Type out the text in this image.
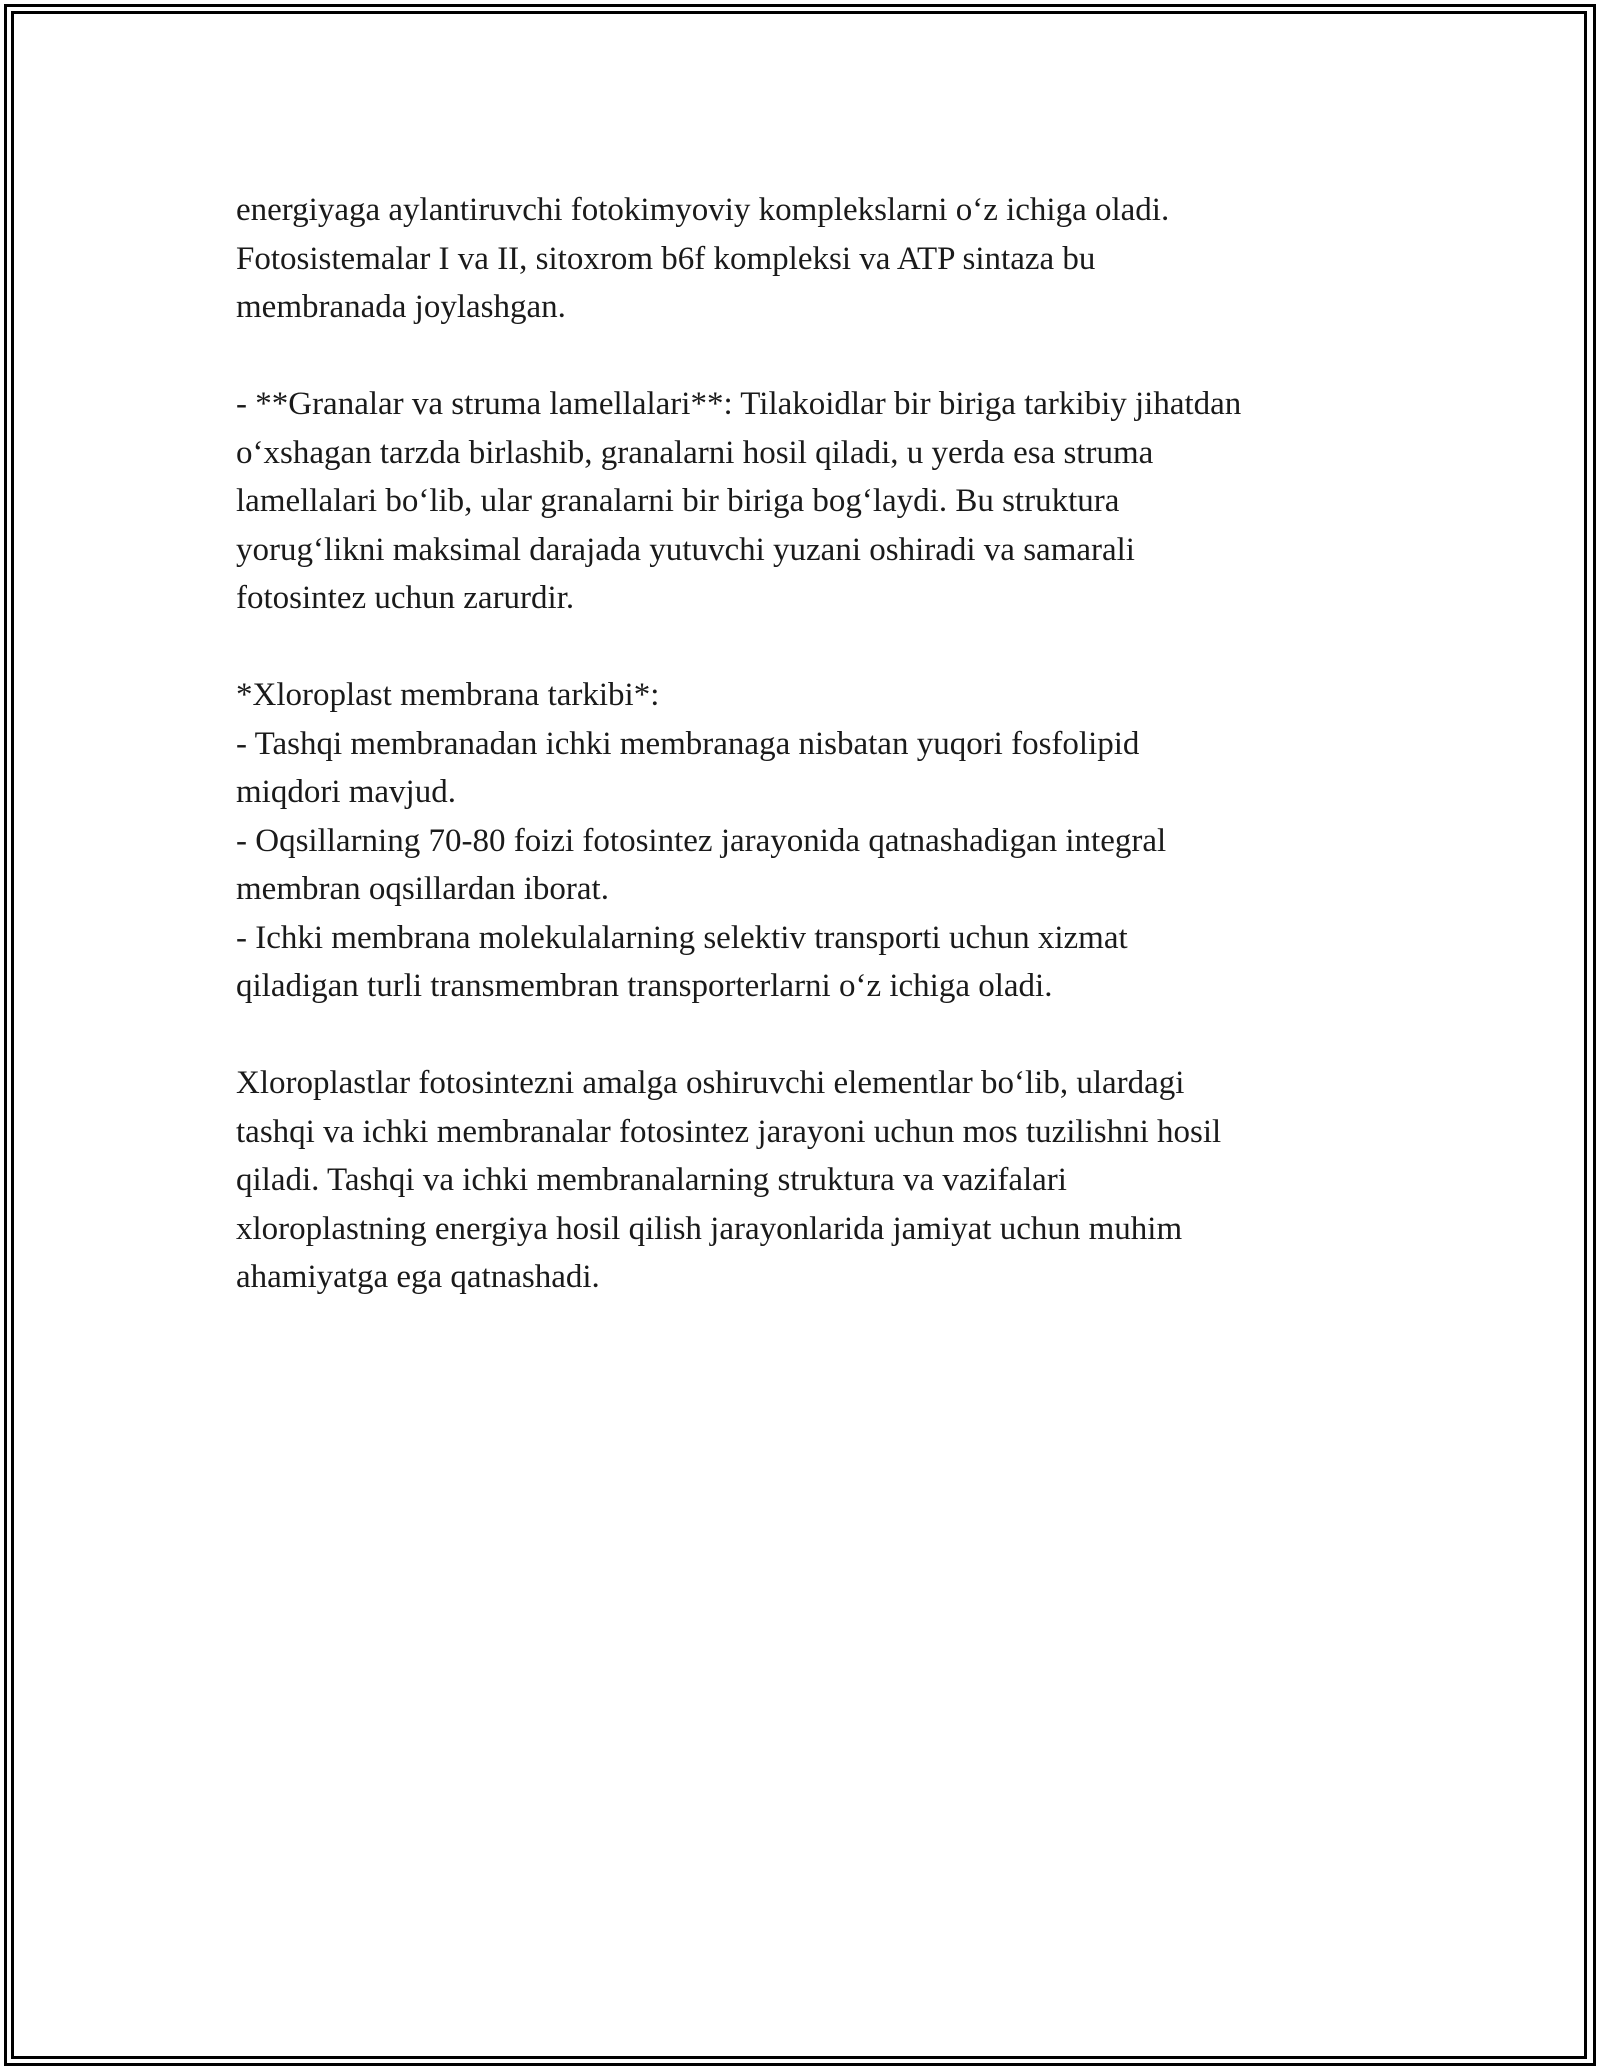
energiyaga aylantiruvchi fotokimyoviy komplekslarni o‘z ichiga oladi.
Fotosistemalar I va II, sitoxrom b6f kompleksi va ATP sintaza bu
membranada joylashgan.

- **Granalar va struma lamellalari**: Tilakoidlar bir biriga tarkibiy jihatdan
o‘xshagan tarzda birlashib, granalarni hosil qiladi, u yerda esa struma
lamellalari bo‘lib, ular granalarni bir biriga bog‘laydi. Bu struktura
yorug‘likni maksimal darajada yutuvchi yuzani oshiradi va samarali
fotosintez uchun zarurdir.

*Xloroplast membrana tarkibi*:
- Tashqi membranadan ichki membranaga nisbatan yuqori fosfolipid
miqdori mavjud.
- Oqsillarning 70-80 foizi fotosintez jarayonida qatnashadigan integral
membran oqsillardan iborat.
- Ichki membrana molekulalarning selektiv transporti uchun xizmat
qiladigan turli transmembran transporterlarni o‘z ichiga oladi.

Xloroplastlar fotosintezni amalga oshiruvchi elementlar bo‘lib, ulardagi
tashqi va ichki membranalar fotosintez jarayoni uchun mos tuzilishni hosil
qiladi. Tashqi va ichki membranalarning struktura va vazifalari
xloroplastning energiya hosil qilish jarayonlarida jamiyat uchun muhim
ahamiyatga ega qatnashadi.
